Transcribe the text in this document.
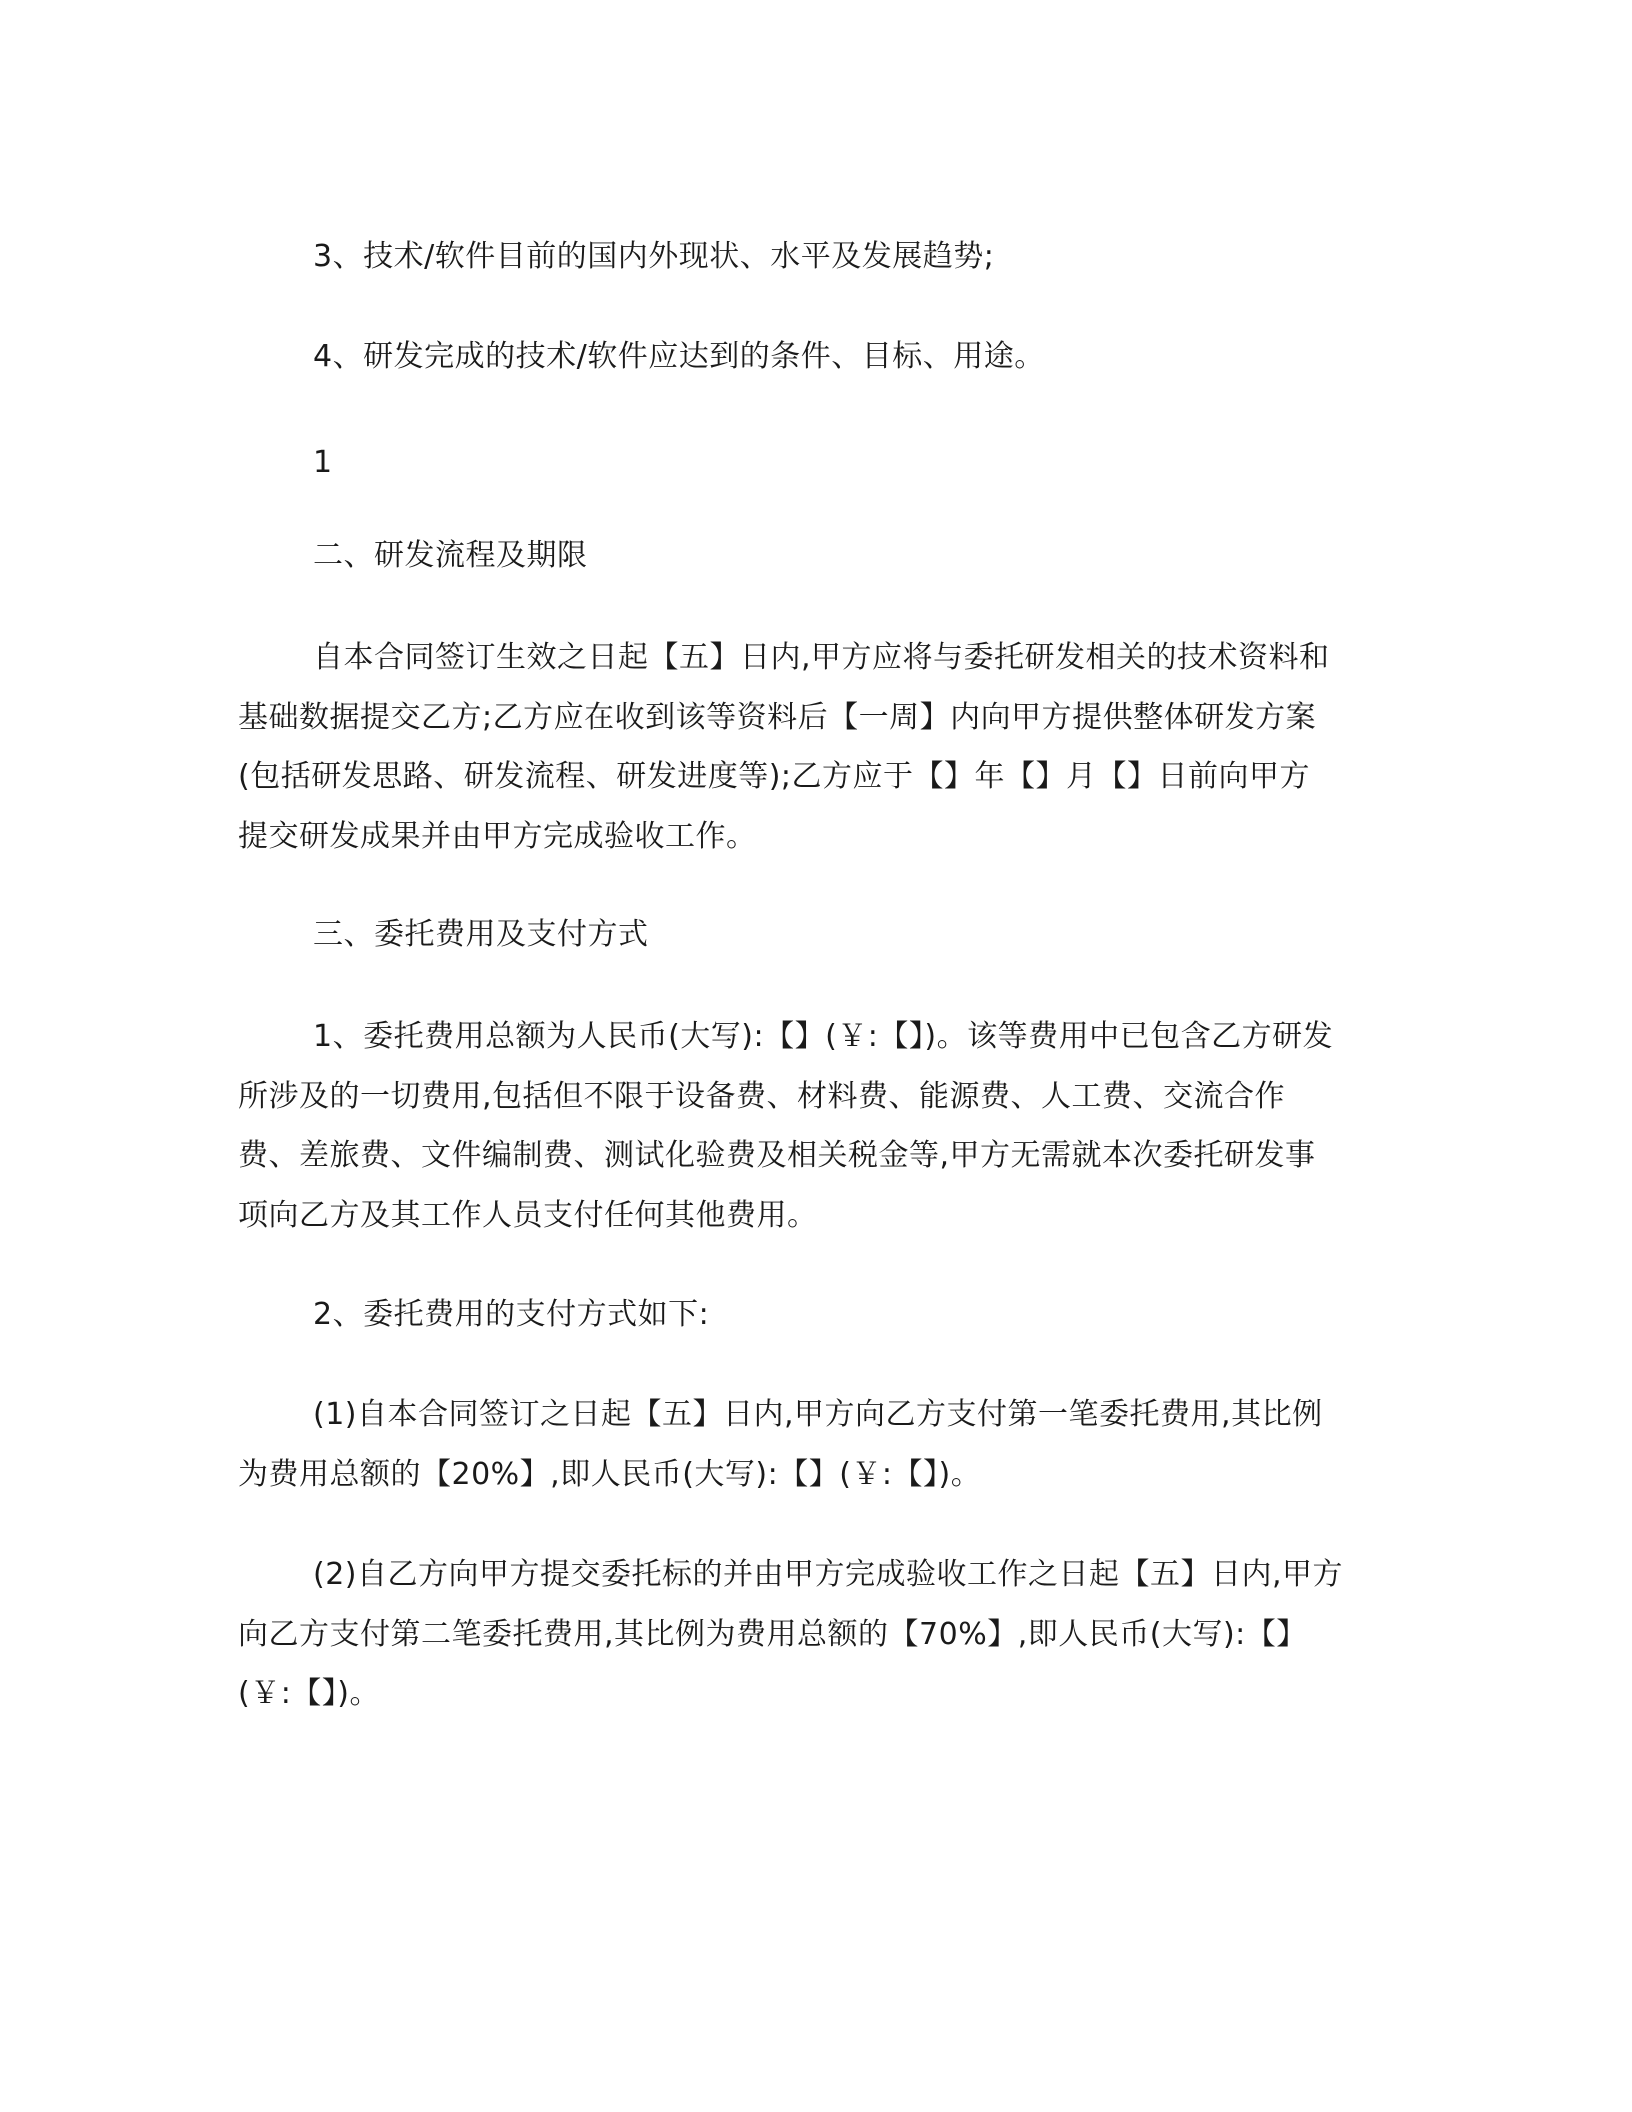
3、技术/软件目前的国内外现状、水平及发展趋势;

4、研发完成的技术/软件应达到的条件、目标、用途。

1

二、研发流程及期限

自本合同签订生效之日起【五】日内,甲方应将与委托研发相关的技术资料和

基础数据提交乙方;乙方应在收到该等资料后【一周】内向甲方提供整体研发方案

(包括研发思路、研发流程、研发进度等);乙方应于【】年【】月【】日前向甲方

提交研发成果并由甲方完成验收工作。

三、委托费用及支付方式

1、委托费用总额为人民币(大写):【】(￥:【】)。该等费用中已包含乙方研发

所涉及的一切费用,包括但不限于设备费、材料费、能源费、人工费、交流合作

费、差旅费、文件编制费、测试化验费及相关税金等,甲方无需就本次委托研发事

项向乙方及其工作人员支付任何其他费用。

2、委托费用的支付方式如下:

(1)自本合同签订之日起【五】日内,甲方向乙方支付第一笔委托费用,其比例

为费用总额的【20%】,即人民币(大写):【】(￥:【】)。

(2)自乙方向甲方提交委托标的并由甲方完成验收工作之日起【五】日内,甲方

向乙方支付第二笔委托费用,其比例为费用总额的【70%】,即人民币(大写):【】

(￥:【】)。
